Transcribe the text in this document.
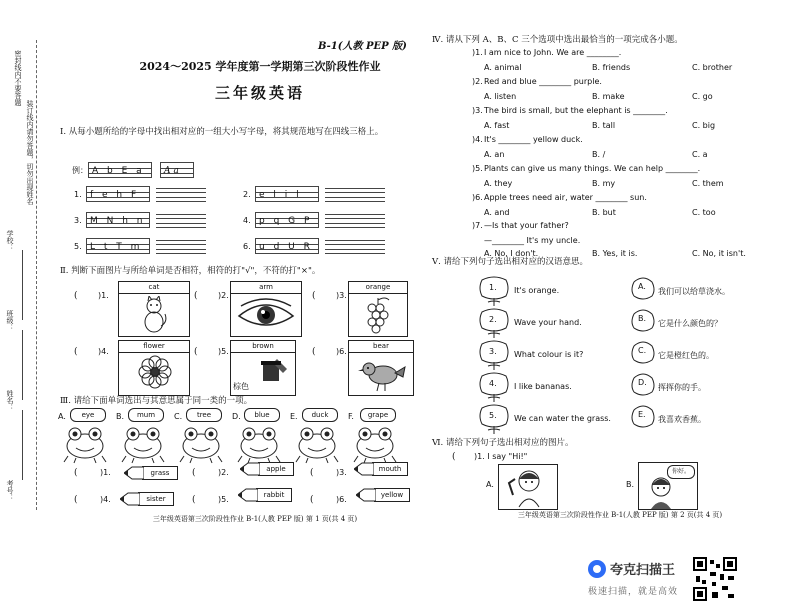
密封线内不要答题
装订线内请勿答题，切勿出现姓名
学校：
班级：
姓名：
考号：
B-1(人教 PEP 版)
2024～2025 学年度第一学期第三次阶段性作业
三年级英语
Ⅰ. 从每小题所给的字母中找出相对应的一组大小写字母，将其规范地写在四线三格上。
例： A b E a	Aa
1. f e h F	2. e l i l
3. M N h n	4. p q G P
5. L t T m	6. u d U R
Ⅱ. 判断下面图片与所给单词是否相符，相符的打"√"，不符的打"×"。
(	)1.
cat
(	)2.
arm
(	)3.
orange
(	)4.
flower
(	)5.
brown
棕色
(	)6.
bear
Ⅲ. 请给下面单词选出与其意思属于同一类的一项。
A.	eye	B.	mum	C.	tree	D.	blue	E.	duck	F.	grape
(	)1.	grass	(	)2.	apple	(	)3.	mouth
(	)4.	sister	(	)5.	rabbit	(	)6.	yellow
三年级英语第三次阶段性作业 B-1(人教 PEP 版) 第 1 页(共 4 页)
Ⅳ. 请从下列 A、B、C 三个选项中选出最恰当的一项完成各小题。
)1. I am nice to John. We are ________.
A. animal	B. friends	C. brother
)2. Red and blue ________ purple.
A. listen	B. make	C. go
)3. The bird is small, but the elephant is ________.
A. fast	B. tall	C. big
)4. It's ________ yellow duck.
A. an	B. /	C. a
)5. Plants can give us many things. We can help ________.
A. they	B. my	C. them
)6. Apple trees need air, water ________ sun.
A. and	B. but	C. too
)7. —Is that your father?
—________ It's my uncle.
A. No, I don't.	B. Yes, it is.	C. No, it isn't.
Ⅴ. 请给下列句子选出相对应的汉语意思。
1. It's orange.	A.
我们可以给草浇水。
2. Wave your hand.	B.
它是什么颜色的？
3. What colour is it?	C.
它是橙红色的。
4. I like bananas.	D.
挥挥你的手。
5. We can water the grass.	E.
我喜欢香蕉。
Ⅵ. 请给下列句子选出相对应的图片。
( )1. I say "Hi!"
A.	B.
你好。
三年级英语第三次阶段性作业 B-1(人教 PEP 版) 第 2 页(共 4 页)
夸克扫描王
极速扫描，就是高效
